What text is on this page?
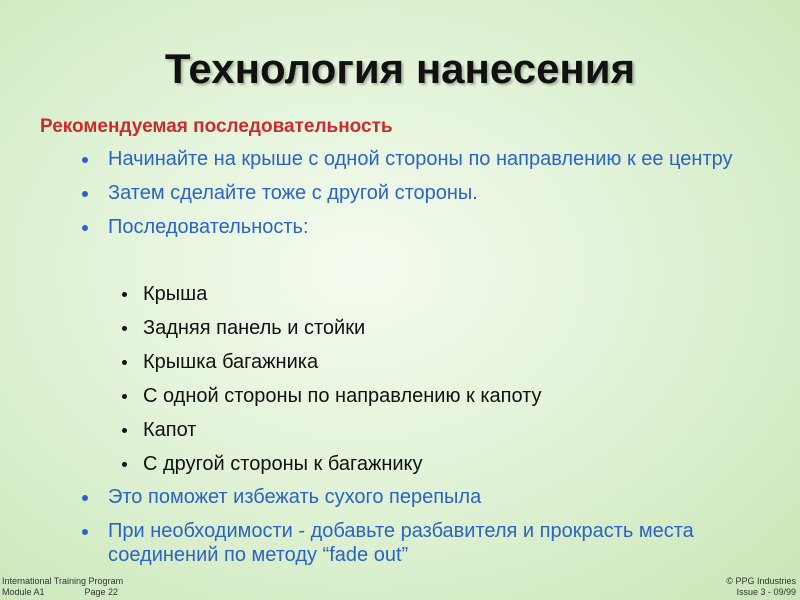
Технология нанесения
Рекомендуемая последовательность
Начинайте на крыше с одной стороны по направлению к ее центру
Затем сделайте тоже с другой стороны.
Последовательность:
Крыша
Задняя панель и стойки
Крышка багажника
С одной стороны по направлению к капоту
Капот
С другой стороны к багажнику
Это поможет избежать сухого перепыла
При необходимости - добавьте разбавителя и прокрасть места соединений по методу “fade out”
International Training Program
Module A1	Page 22
© PPG Industries
Issue 3 - 09/99
